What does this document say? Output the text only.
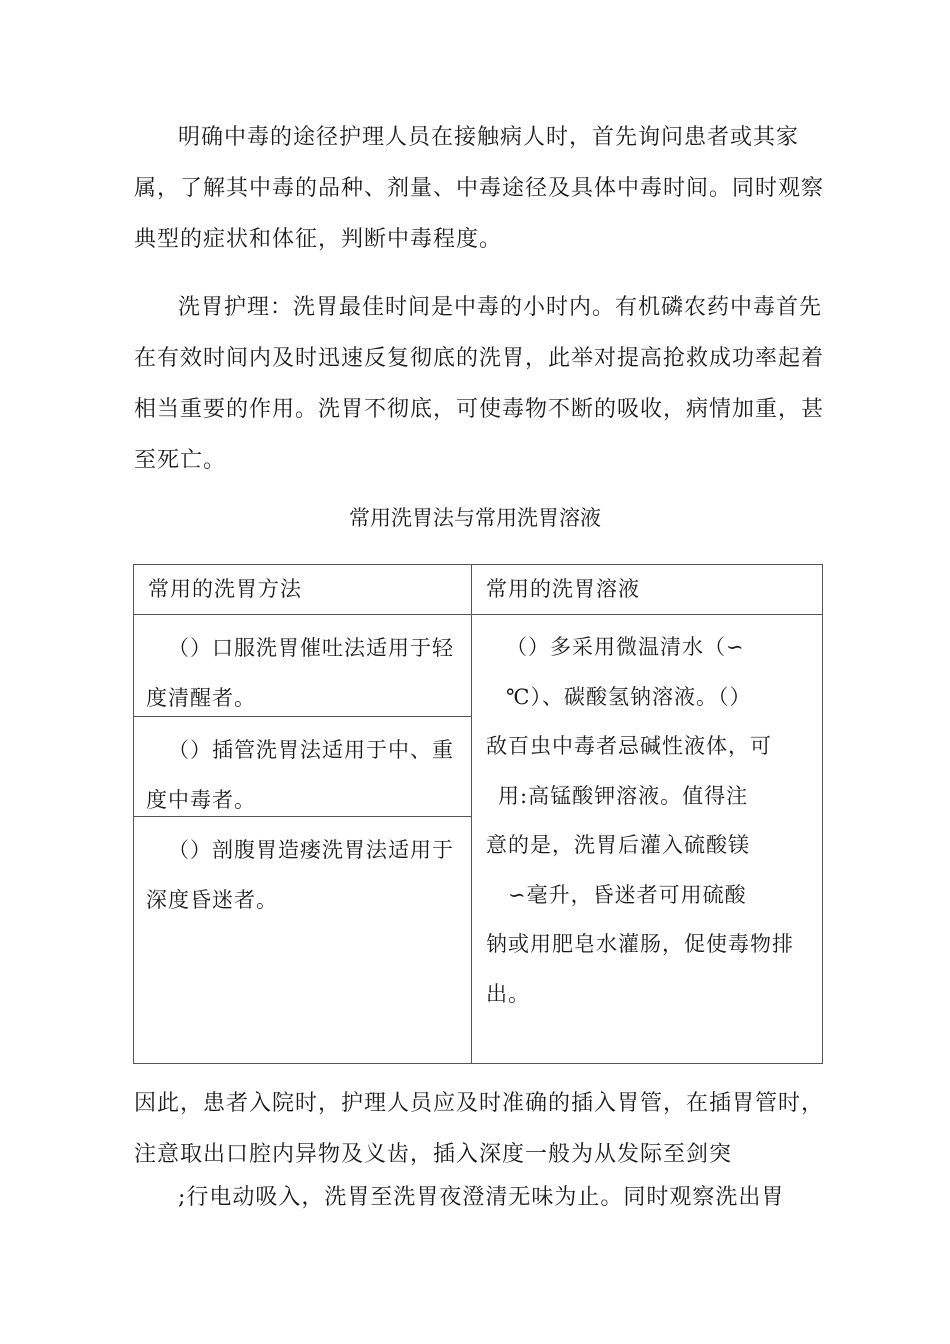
明确中毒的途径护理人员在接触病人时，首先询问患者或其家属，了解其中毒的品种、剂量、中毒途径及具体中毒时间。同时观察典型的症状和体征，判断中毒程度。

洗胃护理：洗胃最佳时间是中毒的小时内。有机磷农药中毒首先在有效时间内及时迅速反复彻底的洗胃，此举对提高抢救成功率起着相当重要的作用。洗胃不彻底，可使毒物不断的吸收，病情加重，甚至死亡。

常用洗胃法与常用洗胃溶液

常用的洗胃方法	常用的洗胃溶液

（）口服洗胃催吐法适用于轻度清醒者。

（）插管洗胃法适用于中、重度中毒者。

（）剖腹胃造瘘洗胃法适用于深度昏迷者。

（）多采用微温清水（∽
℃）、碳酸氢钠溶液。（）
敌百虫中毒者忌碱性液体，可
用:高锰酸钾溶液。值得注
意的是，洗胃后灌入硫酸镁
∽毫升，昏迷者可用硫酸
钠或用肥皂水灌肠，促使毒物排
出。

因此，患者入院时，护理人员应及时准确的插入胃管，在插胃管时，
注意取出口腔内异物及义齿，插入深度一般为从发际至剑突

;行电动吸入，洗胃至洗胃夜澄清无味为止。同时观察洗出胃
